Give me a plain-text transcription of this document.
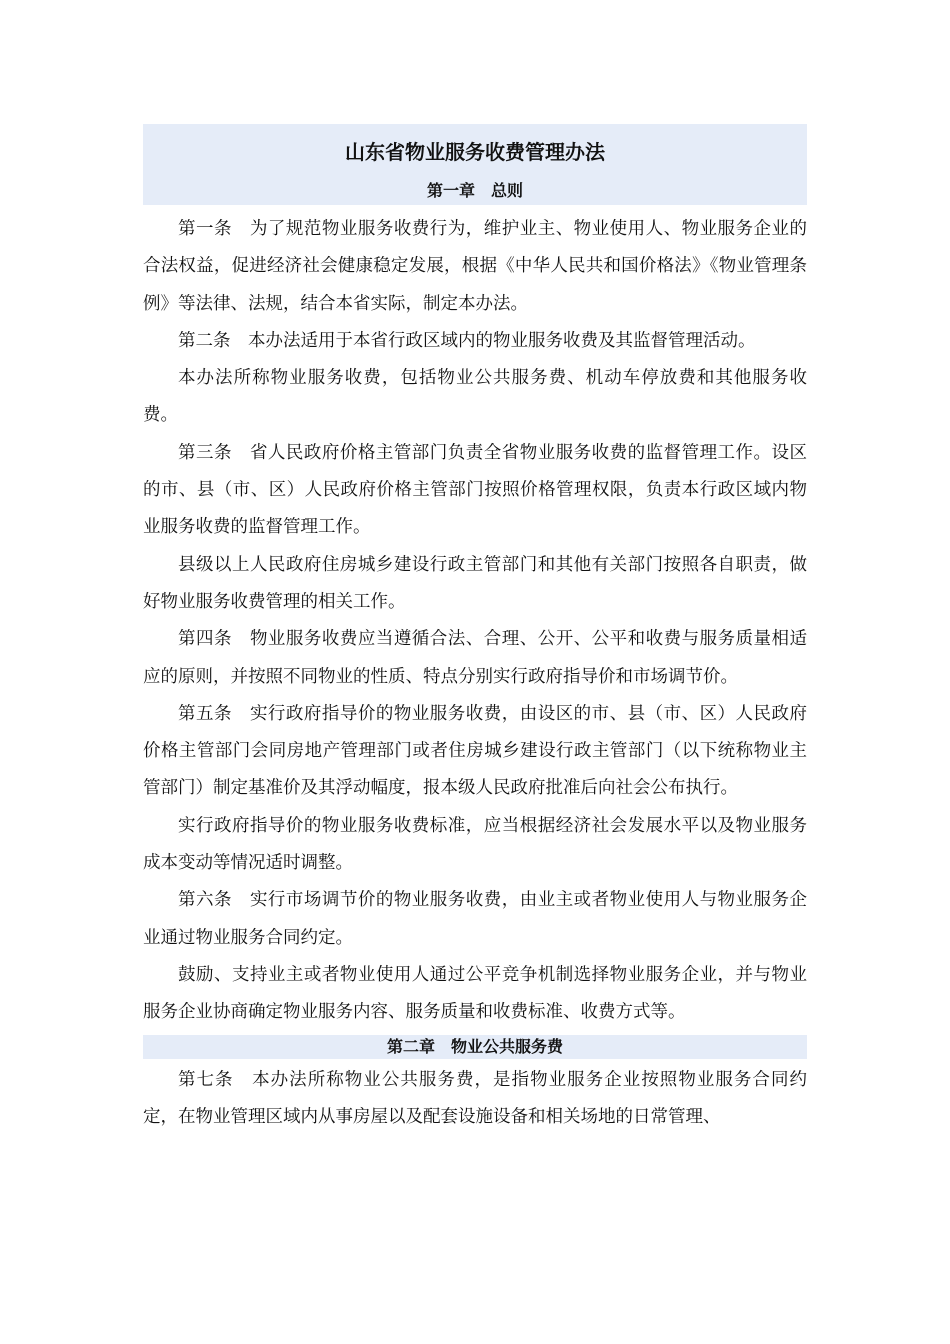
山东省物业服务收费管理办法
第一章　总则

第一条　为了规范物业服务收费行为，维护业主、物业使用人、物业服务企业的合法权益，促进经济社会健康稳定发展，根据《中华人民共和国价格法》《物业管理条例》等法律、法规，结合本省实际，制定本办法。

第二条　本办法适用于本省行政区域内的物业服务收费及其监督管理活动。

本办法所称物业服务收费，包括物业公共服务费、机动车停放费和其他服务收费。

第三条　省人民政府价格主管部门负责全省物业服务收费的监督管理工作。设区的市、县（市、区）人民政府价格主管部门按照价格管理权限，负责本行政区域内物业服务收费的监督管理工作。

县级以上人民政府住房城乡建设行政主管部门和其他有关部门按照各自职责，做好物业服务收费管理的相关工作。

第四条　物业服务收费应当遵循合法、合理、公开、公平和收费与服务质量相适应的原则，并按照不同物业的性质、特点分别实行政府指导价和市场调节价。

第五条　实行政府指导价的物业服务收费，由设区的市、县（市、区）人民政府价格主管部门会同房地产管理部门或者住房城乡建设行政主管部门（以下统称物业主管部门）制定基准价及其浮动幅度，报本级人民政府批准后向社会公布执行。

实行政府指导价的物业服务收费标准，应当根据经济社会发展水平以及物业服务成本变动等情况适时调整。

第六条　实行市场调节价的物业服务收费，由业主或者物业使用人与物业服务企业通过物业服务合同约定。

鼓励、支持业主或者物业使用人通过公平竞争机制选择物业服务企业，并与物业服务企业协商确定物业服务内容、服务质量和收费标准、收费方式等。

第二章　物业公共服务费

第七条　本办法所称物业公共服务费，是指物业服务企业按照物业服务合同约定，在物业管理区域内从事房屋以及配套设施设备和相关场地的日常管理、
